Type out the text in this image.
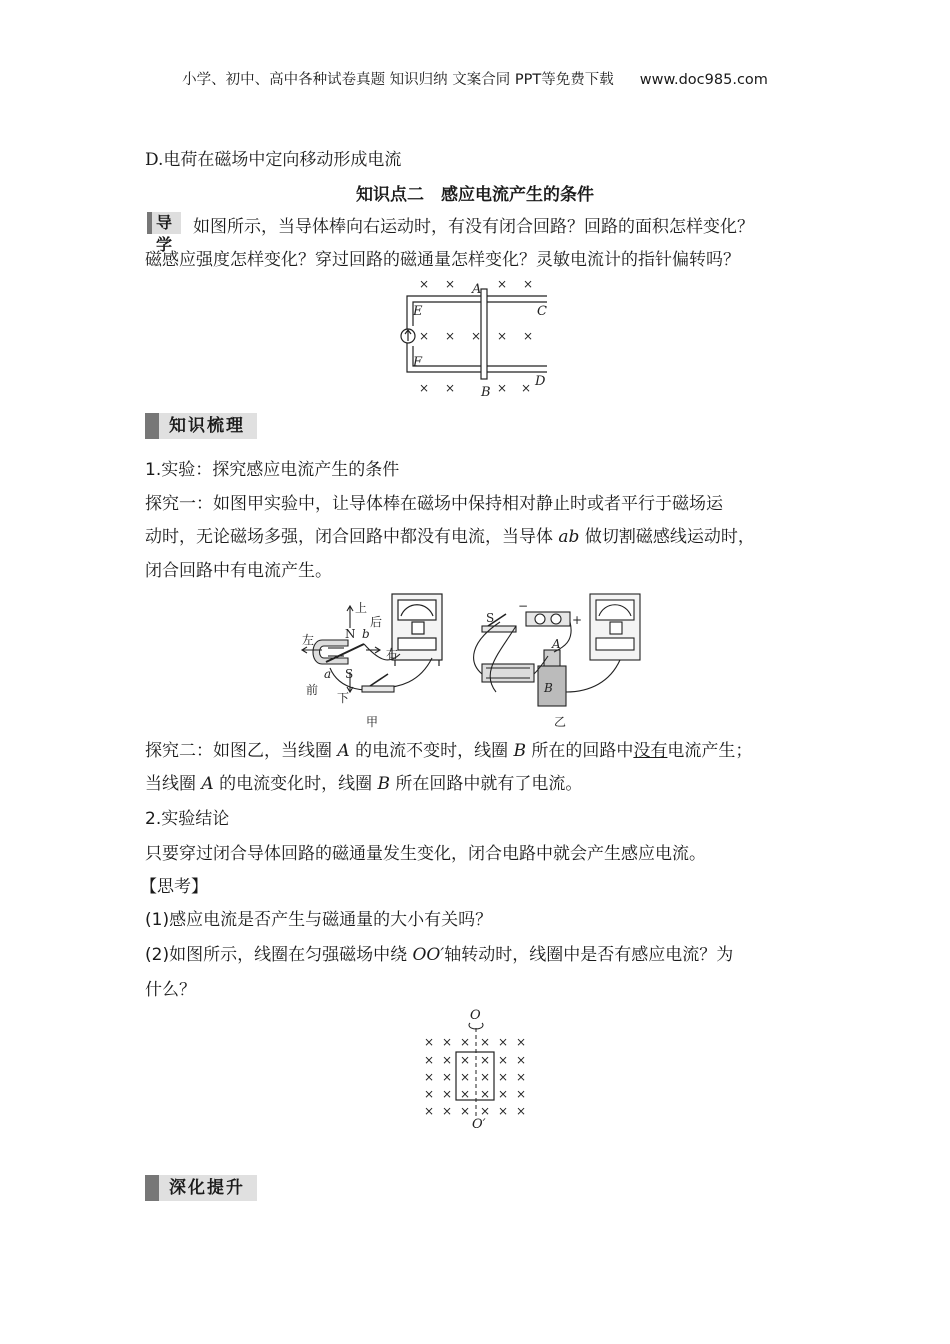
小学、初中、高中各种试卷真题 知识归纳 文案合同 PPT等免费下载 www.doc985.com
D.电荷在磁场中定向移动形成电流
知识点二　感应电流产生的条件
导学
如图所示，当导体棒向右运动时，有没有闭合回路？回路的面积怎样变化？
磁感应强度怎样变化？穿过回路的磁通量怎样变化？灵敏电流计的指针偏转吗？
× ×	× ×
× × × × ×
× ×	× ×
A
B
C
D
E
F
知识梳理
1.实验：探究感应电流产生的条件
探究一：如图甲实验中，让导体棒在磁场中保持相对静止时或者平行于磁场运
动时，无论磁场多强，闭合回路中都没有电流，当导体 ab 做切割磁感线运动时，
闭合回路中有电流产生。
上
下
左
右
前
后
N
S
a
b
甲
S
−
+
A
B
乙
探究二：如图乙，当线圈 A 的电流不变时，线圈 B 所在的回路中没有电流产生；
当线圈 A 的电流变化时，线圈 B 所在回路中就有了电流。
2.实验结论
只要穿过闭合导体回路的磁通量发生变化，闭合电路中就会产生感应电流。
【思考】
(1)感应电流是否产生与磁通量的大小有关吗？
(2)如图所示，线圈在匀强磁场中绕 OO′轴转动时，线圈中是否有感应电流？为
什么？
O
× × × × × ×
× × × × × ×
× × × × × ×
× × × × × ×
× × × × × ×
O′
深化提升
